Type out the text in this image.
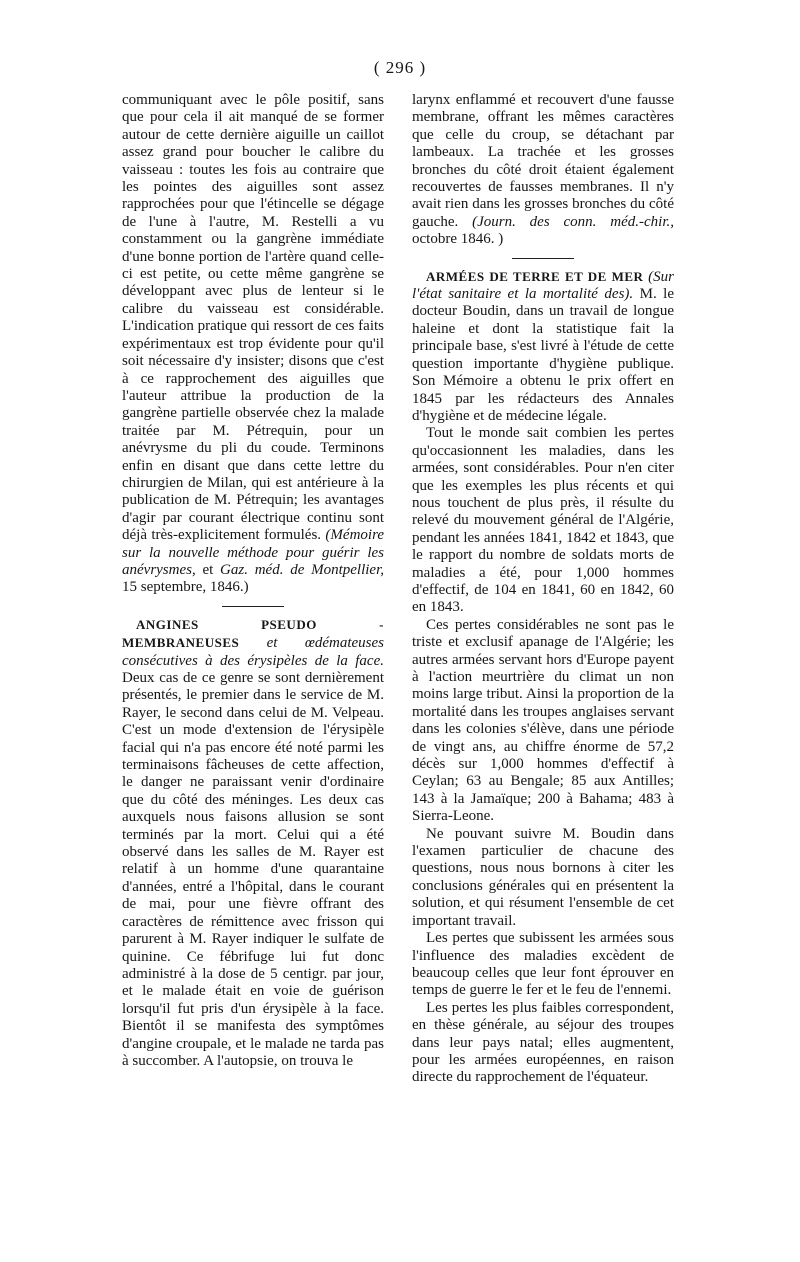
( 296 )

communiquant avec le pôle positif, sans que pour cela il ait manqué de se former autour de cette dernière aiguille un caillot assez grand pour boucher le calibre du vaisseau : toutes les fois au contraire que les pointes des aiguilles sont assez rapprochées pour que l'étincelle se dégage de l'une à l'autre, M. Restelli a vu constamment ou la gangrène immédiate d'une bonne portion de l'artère quand celle-ci est petite, ou cette même gangrène se développant avec plus de lenteur si le calibre du vaisseau est considérable. L'indication pratique qui ressort de ces faits expérimentaux est trop évidente pour qu'il soit nécessaire d'y insister; disons que c'est à ce rapprochement des aiguilles que l'auteur attribue la production de la gangrène partielle observée chez la malade traitée par M. Pétrequin, pour un anévrysme du pli du coude. Terminons enfin en disant que dans cette lettre du chirurgien de Milan, qui est antérieure à la publication de M. Pétrequin; les avantages d'agir par courant électrique continu sont déjà très-explicitement formulés. (Mémoire sur la nouvelle méthode pour guérir les anévrysmes, et Gaz. méd. de Montpellier, 15 septembre, 1846.)

ANGINES PSEUDO - MEMBRANEUSES et œdémateuses consécutives à des érysipèles de la face. Deux cas de ce genre se sont dernièrement présentés, le premier dans le service de M. Rayer, le second dans celui de M. Velpeau. C'est un mode d'extension de l'érysipèle facial qui n'a pas encore été noté parmi les terminaisons fâcheuses de cette affection, le danger ne paraissant venir d'ordinaire que du côté des méninges. Les deux cas auxquels nous faisons allusion se sont terminés par la mort. Celui qui a été observé dans les salles de M. Rayer est relatif à un homme d'une quarantaine d'années, entré a l'hôpital, dans le courant de mai, pour une fièvre offrant des caractères de rémittence avec frisson qui parurent à M. Rayer indiquer le sulfate de quinine. Ce fébrifuge lui fut donc administré à la dose de 5 centigr. par jour, et le malade était en voie de guérison lorsqu'il fut pris d'un érysipèle à la face. Bientôt il se manifesta des symptômes d'angine croupale, et le malade ne tarda pas à succomber. A l'autopsie, on trouva le

larynx enflammé et recouvert d'une fausse membrane, offrant les mêmes caractères que celle du croup, se détachant par lambeaux. La trachée et les grosses bronches du côté droit étaient également recouvertes de fausses membranes. Il n'y avait rien dans les grosses bronches du côté gauche. (Journ. des conn. méd.-chir., octobre 1846. )

ARMÉES DE TERRE ET DE MER (Sur l'état sanitaire et la mortalité des). M. le docteur Boudin, dans un travail de longue haleine et dont la statistique fait la principale base, s'est livré à l'étude de cette question importante d'hygiène publique. Son Mémoire a obtenu le prix offert en 1845 par les rédacteurs des Annales d'hygiène et de médecine légale.

Tout le monde sait combien les pertes qu'occasionnent les maladies, dans les armées, sont considérables. Pour n'en citer que les exemples les plus récents et qui nous touchent de plus près, il résulte du relevé du mouvement général de l'Algérie, pendant les années 1841, 1842 et 1843, que le rapport du nombre de soldats morts de maladies a été, pour 1,000 hommes d'effectif, de 104 en 1841, 60 en 1842, 60 en 1843.

Ces pertes considérables ne sont pas le triste et exclusif apanage de l'Algérie; les autres armées servant hors d'Europe payent à l'action meurtrière du climat un non moins large tribut. Ainsi la proportion de la mortalité dans les troupes anglaises servant dans les colonies s'élève, dans une période de vingt ans, au chiffre énorme de 57,2 décès sur 1,000 hommes d'effectif à Ceylan; 63 au Bengale; 85 aux Antilles; 143 à la Jamaïque; 200 à Bahama; 483 à Sierra-Leone.

Ne pouvant suivre M. Boudin dans l'examen particulier de chacune des questions, nous nous bornons à citer les conclusions générales qui en présentent la solution, et qui résument l'ensemble de cet important travail.

Les pertes que subissent les armées sous l'influence des maladies excèdent de beaucoup celles que leur font éprouver en temps de guerre le fer et le feu de l'ennemi.

Les pertes les plus faibles correspondent, en thèse générale, au séjour des troupes dans leur pays natal; elles augmentent, pour les armées européennes, en raison directe du rapprochement de l'équateur.
